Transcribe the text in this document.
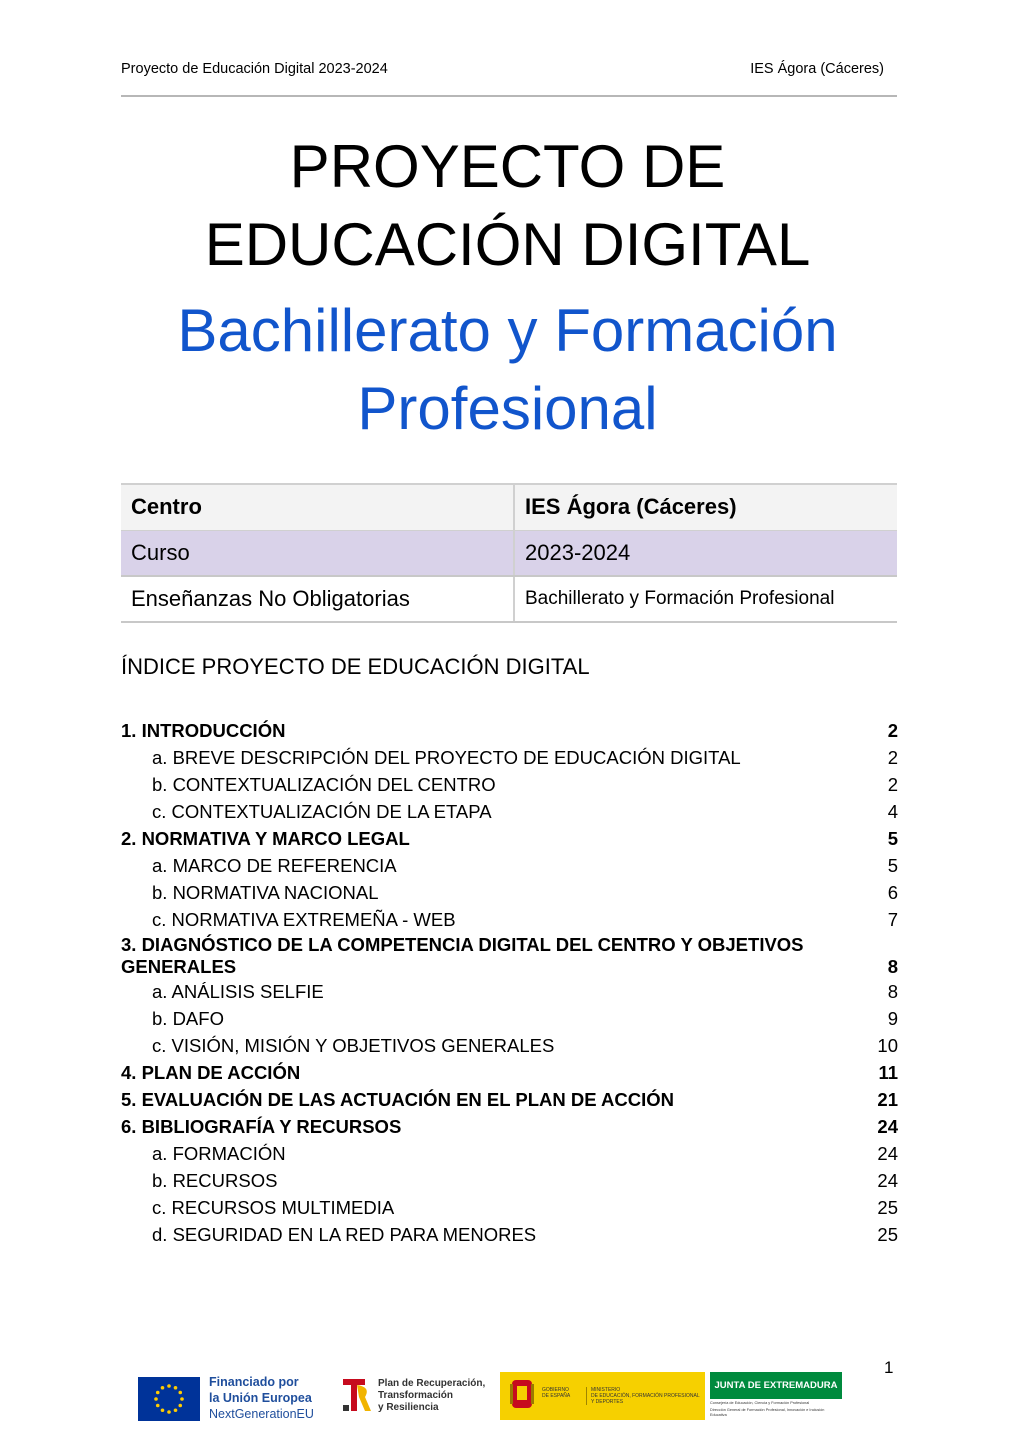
Proyecto de Educación Digital 2023-2024	IES Ágora (Cáceres)
PROYECTO DE
EDUCACIÓN DIGITAL
Bachillerato y Formación
Profesional
Centro	IES Ágora (Cáceres)
Curso	2023-2024
Enseñanzas No Obligatorias	Bachillerato y Formación Profesional
ÍNDICE PROYECTO DE EDUCACIÓN DIGITAL
1. INTRODUCCIÓN	2
a. BREVE DESCRIPCIÓN DEL PROYECTO DE EDUCACIÓN DIGITAL	2
b. CONTEXTUALIZACIÓN DEL CENTRO	2
c. CONTEXTUALIZACIÓN DE LA ETAPA	4
2. NORMATIVA Y MARCO LEGAL	5
a. MARCO DE REFERENCIA	5
b. NORMATIVA NACIONAL	6
c. NORMATIVA EXTREMEÑA - WEB	7
3. DIAGNÓSTICO DE LA COMPETENCIA DIGITAL DEL CENTRO Y OBJETIVOS GENERALES	8
a. ANÁLISIS SELFIE	8
b. DAFO	9
c. VISIÓN, MISIÓN Y OBJETIVOS GENERALES	10
4. PLAN DE ACCIÓN	11
5. EVALUACIÓN DE LAS ACTUACIÓN EN EL PLAN DE ACCIÓN	21
6. BIBLIOGRAFÍA Y RECURSOS	24
a. FORMACIÓN	24
b. RECURSOS	24
c. RECURSOS MULTIMEDIA	25
d. SEGURIDAD EN LA RED PARA MENORES	25
1
Financiado por
la Unión Europea
NextGenerationEU
Plan de Recuperación,
Transformación
y Resiliencia
GOBIERNO
DE ESPAÑA
MINISTERIO
DE EDUCACIÓN, FORMACIÓN PROFESIONAL
Y DEPORTES
JUNTA DE EXTREMADURA
Consejería de Educación, Ciencia y Formación Profesional
Dirección General de Formación Profesional, Innovación e Inclusión Educativa
